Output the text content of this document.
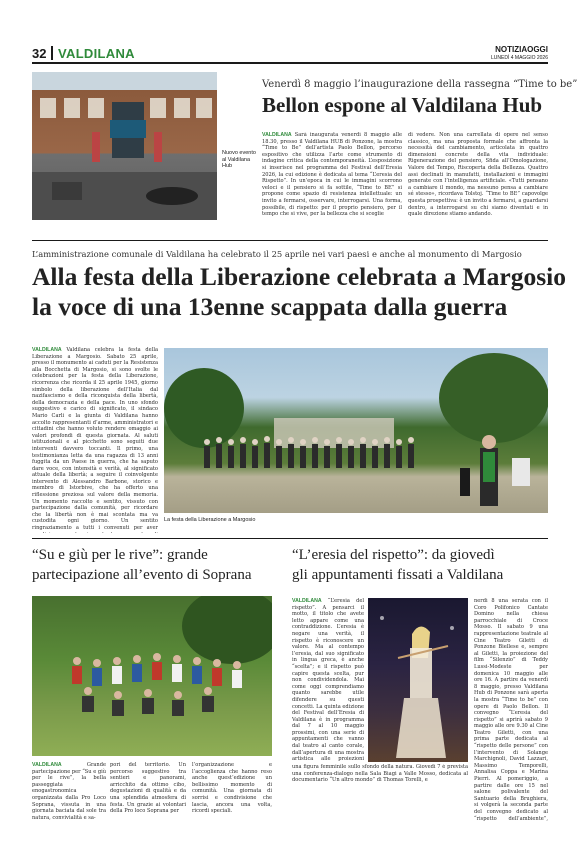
32 VALDILANA	NOTIZIAOGGI
LUNEDÌ 4 MAGGIO 2026
Nuovo evento al Valdilana Hub
Venerdì 8 maggio l’inaugurazione della rassegna “Time to be”
Bellon espone al Valdilana Hub
VALDILANA Sarà inaugurata venerdì 8 maggio alle 18.30, presso il Valdilana HUB di Ponzone, la mostra “Time to Be” dell’artista Paolo Bellon, percorso espositivo che utilizza l’arte come strumento di indagine critica della contemporaneità. L’esposizione si inserisce nel programma del Festival dell’Eresia 2026, la cui edizione è dedicata al tema “L’eresia del Rispetto”. In un’epoca in cui le immagini scorrono veloci e il pensiero si fa sottile, “Time to BE” si propone come spazio di resistenza intellettuale: un invito a fermarsi, osservare, interrogarsi. Una forma, possibile, di rispetto: per il proprio pensiero, per il tempo che si vive, per la bellezza che si sceglie
di vedere. Non una carrellata di opere nel senso classico, ma una proposta formale che affronta la necessità del cambiamento, articolata in quattro dimensioni concrete della vita individuale: Rigenerazione del pensiero, Sfida all’Omologazione, Valore del Tempo, Riscoperta della Bellezza. Quattro assi declinati in manufatti, installazioni e immagini generate con l’intelligenza artificiale. «Tutti pensano a cambiare il mondo, ma nessuno pensa a cambiare sé stesso», ricordava Tolstoj. “Time to BE” capovolge questa prospettiva: è un invito a fermarsi, a guardarsi dentro, a interrogarsi su chi siamo diventati e in quale direzione stiamo andando.
L’amministrazione comunale di Valdilana ha celebrato il 25 aprile nei vari paesi e anche al monumento di Margosio
Alla festa della Liberazione celebrata a Margosio
la voce di una 13enne scappata dalla guerra
VALDILANA Valdilana celebra la festa della Liberazione a Margosio. Sabato 25 aprile, presso il monumento ai caduti per la Resistenza alla Bocchetta di Margosio, si sono svolte le celebrazioni per la festa della Liberazione, ricorrenza che ricorda il 25 aprile 1945, giorno simbolo della liberazione dell’Italia dal nazifascismo e della riconquista della libertà, della democrazia e della pace. In uno sfondo suggestivo e carico di significato, il sindaco Mario Carli e la giunta di Valdilana hanno accolto rappresentanti d’arme, amministratori e cittadini che hanno voluto rendere omaggio ai valori profondi di questa giornata. Al saluti istituzionali e al picchetto sono seguiti due interventi davvero toccanti. Il primo, una testimonianza letta da una ragazza di 13 anni fuggita da un Paese in guerra, che ha saputo dare voce, con intensità e verità, al significato attuale della libertà; a seguire il coinvolgente intervento di Alessandro Barbone, storico e membro di Istorbive, che ha offerto una riflessione preziosa sul valore della memoria. Un momento raccolto e sentito, vissuto con partecipazione dalla comunità, per ricordare che la libertà non è mai scontata ma va custodita ogni giorno. Un sentito ringraziamento a tutti i convenuti per aver
La festa della Liberazione a Margosio
“Su e giù per le rive”: grande
partecipazione all’evento di Soprana
VALDILANA	Grande partecipazione per “Su e giù per le rive”, la bella passeggiata enogastronomica organizzata dalla Pro Loco Soprana, vissuta in una giornata baciata dal sole tra natura, convivialità e sa-
pori del territorio. Un percorso suggestivo tra sentieri e panorami, arricchito da ottimo cibo, degustazioni di qualità e da una splendida atmosfera di festa. Un grazie ai volontari della Pro loco Soprana per
l’organizzazione e l’accoglienza che hanno reso anche quest’edizione un bellissimo momento di comunità. Una giornata di sorrisi e condivisione che lascia, ancora una volta, ricordi speciali.
“L’eresia del rispetto”: da giovedì
gli appuntamenti fissati a Valdilana
VALDILANA “L’eresia del rispetto”. A pensarci il motto, il titolo che avete letto appare come una contraddizione. L’eresia è negare una verità, il rispetto è riconoscere un valore. Ma al contempo l’eresia, dal suo significato in lingua greca, è anche “scelta”; e il rispetto può capire questa scelta, pur non condividendola. Mai come oggi comprendiamo quanto sarebbe utile difendere su questi concetti. La quinta edizione del Festival dell’Eresia di Valdilana è in programma dal 7 al 10 maggio prossimi, con una serie di appuntamenti che vanno dal teatro al canto corale, dall’apertura di una mostra artistica alle proiezioni
una figura femminile sullo sfondo della natura. Giovedì 7 è prevista una conferenza-dialogo nella Sala Biagi a Valle Mosso, dedicata al documentario “Un altro mondo” di Thomas Torelli, e
nerdì 8 una serata con il Coro Polifonico Cantate Domino nella chiesa parrocchiale di Croce Mosso. Il sabato 9 una rappresentazione teatrale al Cine Teatro Giletti di Ponzone Biellese e, sempre al Giletti, la proiezione del film “Silenzio” di Teddy Lussi-Modeste per domenica 10 maggio alle ore 16. A partire da venerdì 8 maggio, presso Valdilana Hub di Ponzone sarà aperta la mostra “Time to be” con opere di Paolo Bellon. Il convegno “L’eresia del rispetto” si aprirà sabato 9 maggio alle ore 9.30 al Cine Teatro Giletti, con una prima parte dedicata al “rispetto delle persone” con l’intervento di Solange Marchignoli, David Lazzari, Massimo Temporelli, Annalisa Coppa e Marina Pierri. Al pomeriggio, a partire dalle ore 15 nel salone polivalente del Santuario della Brughiera, si volgerà la seconda parte del convegno dedicato al “rispetto dell’ambiente”,
